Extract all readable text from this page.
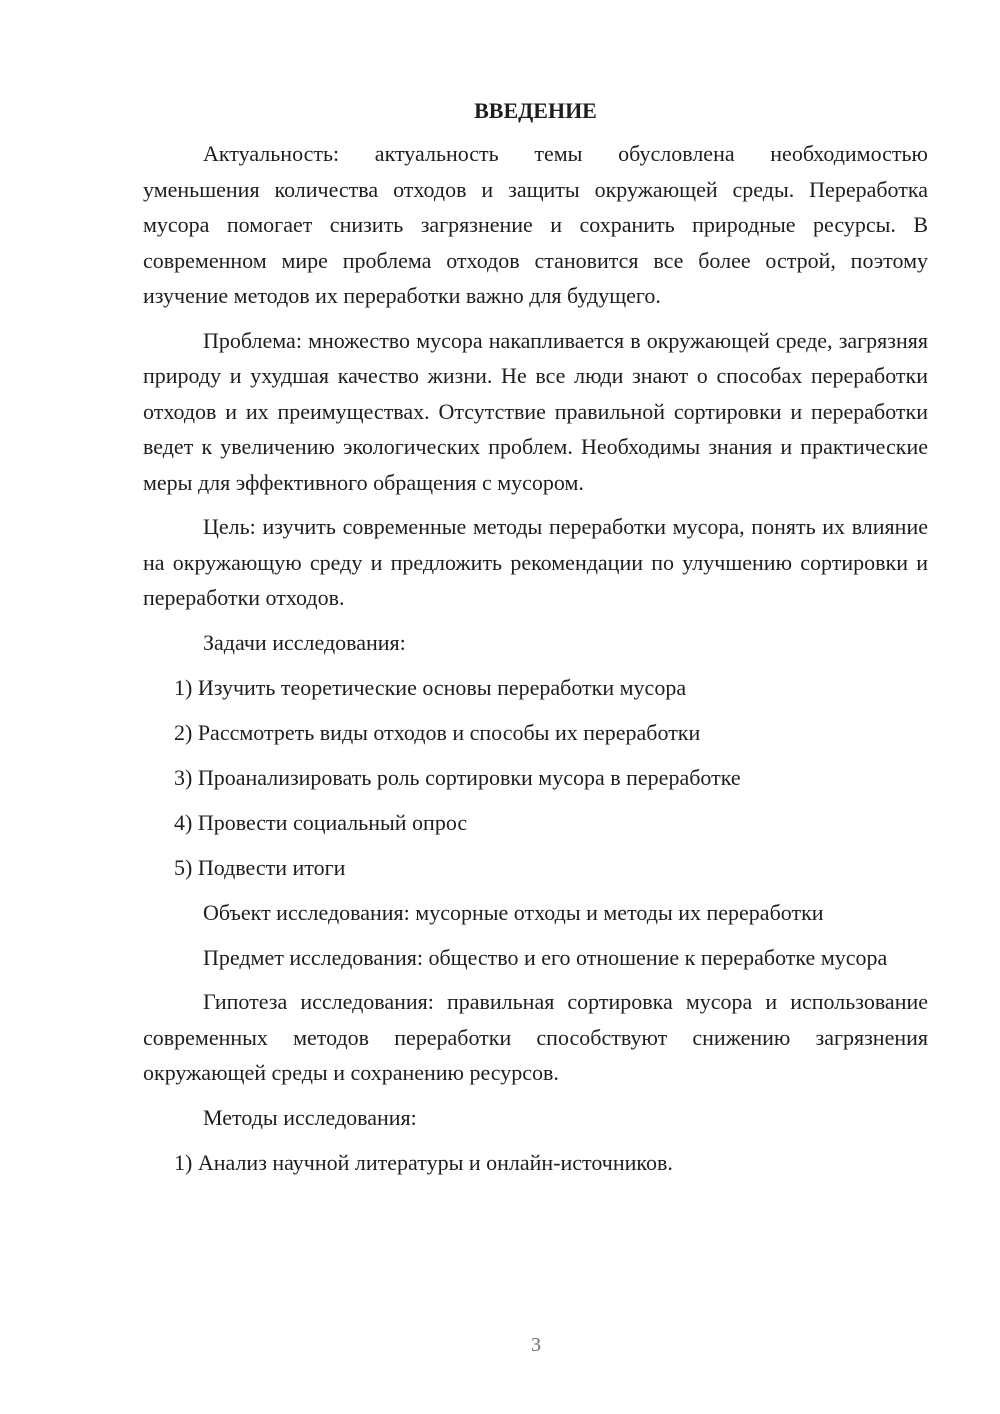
ВВЕДЕНИЕ

Актуальность: актуальность темы обусловлена необходимостью уменьшения количества отходов и защиты окружающей среды. Переработка мусора помогает снизить загрязнение и сохранить природные ресурсы. В современном мире проблема отходов становится все более острой, поэтому изучение методов их переработки важно для будущего.

Проблема: множество мусора накапливается в окружающей среде, загрязняя природу и ухудшая качество жизни. Не все люди знают о способах переработки отходов и их преимуществах. Отсутствие правильной сортировки и переработки ведет к увеличению экологических проблем. Необходимы знания и практические меры для эффективного обращения с мусором.

Цель: изучить современные методы переработки мусора, понять их влияние на окружающую среду и предложить рекомендации по улучшению сортировки и переработки отходов.

Задачи исследования:
1) Изучить теоретические основы переработки мусора
2) Рассмотреть виды отходов и способы их переработки
3) Проанализировать роль сортировки мусора в переработке
4) Провести социальный опрос
5) Подвести итоги
Объект исследования: мусорные отходы и методы их переработки

Предмет исследования: общество и его отношение к переработке мусора

Гипотеза исследования: правильная сортировка мусора и использование современных методов переработки способствуют снижению загрязнения окружающей среды и сохранению ресурсов.

Методы исследования:
1) Анализ научной литературы и онлайн-источников.
3
